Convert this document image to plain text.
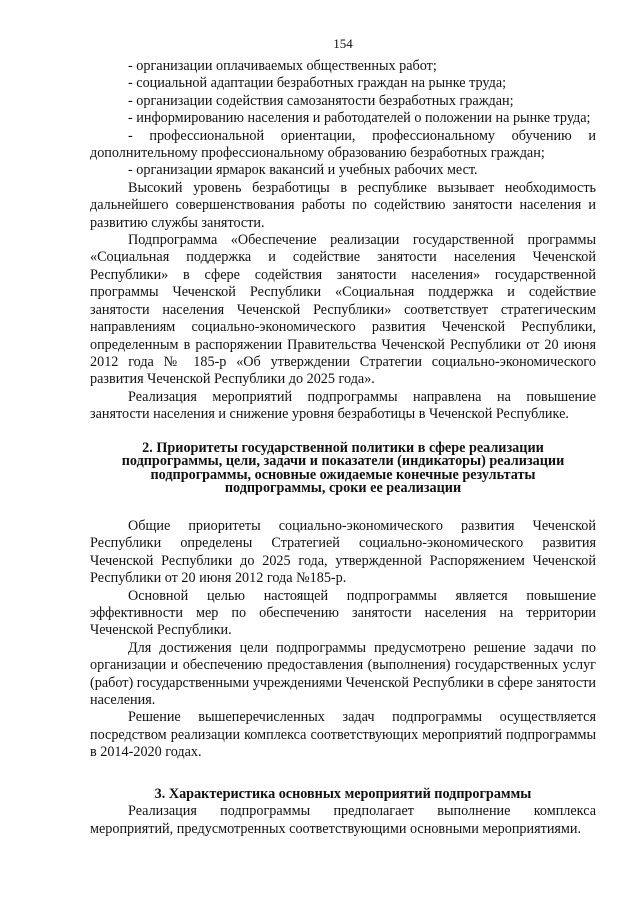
154

- организации оплачиваемых общественных работ;

- социальной адаптации безработных граждан на рынке труда;

- организации содействия самозанятости безработных граждан;

- информированию населения и работодателей о положении на рынке труда;

- профессиональной ориентации, профессиональному обучению и дополнительному профессиональному образованию безработных граждан;

- организации ярмарок вакансий и учебных рабочих мест.

Высокий уровень безработицы в республике вызывает необходимость дальнейшего совершенствования работы по содействию занятости населения и развитию службы занятости.

Подпрограмма «Обеспечение реализации государственной программы «Социальная поддержка и содействие занятости населения Чеченской Республики» в сфере содействия занятости населения» государственной программы Чеченской Республики «Социальная поддержка и содействие занятости населения Чеченской Республики» соответствует стратегическим направлениям социально-экономического развития Чеченской Республики, определенным в распоряжении Правительства Чеченской Республики от 20 июня 2012 года № 185-р «Об утверждении Стратегии социально-экономического развития Чеченской Республики до 2025 года».

Реализация мероприятий подпрограммы направлена на повышение занятости населения и снижение уровня безработицы в Чеченской Республике.

2. Приоритеты государственной политики в сфере реализации
подпрограммы, цели, задачи и показатели (индикаторы) реализации
подпрограммы, основные ожидаемые конечные результаты
подпрограммы, сроки ее реализации

Общие приоритеты социально-экономического развития Чеченской Республики определены Стратегией социально-экономического развития Чеченской Республики до 2025 года, утвержденной Распоряжением Чеченской Республики от 20 июня 2012 года №185-р.

Основной целью настоящей подпрограммы является повышение эффективности мер по обеспечению занятости населения на территории Чеченской Республики.

Для достижения цели подпрограммы предусмотрено решение задачи по организации и обеспечению предоставления (выполнения) государственных услуг (работ) государственными учреждениями Чеченской Республики в сфере занятости населения.

Решение вышеперечисленных задач подпрограммы осуществляется посредством реализации комплекса соответствующих мероприятий подпрограммы в 2014-2020 годах.

3. Характеристика основных мероприятий подпрограммы

Реализация подпрограммы предполагает выполнение комплекса мероприятий, предусмотренных соответствующими основными мероприятиями.
